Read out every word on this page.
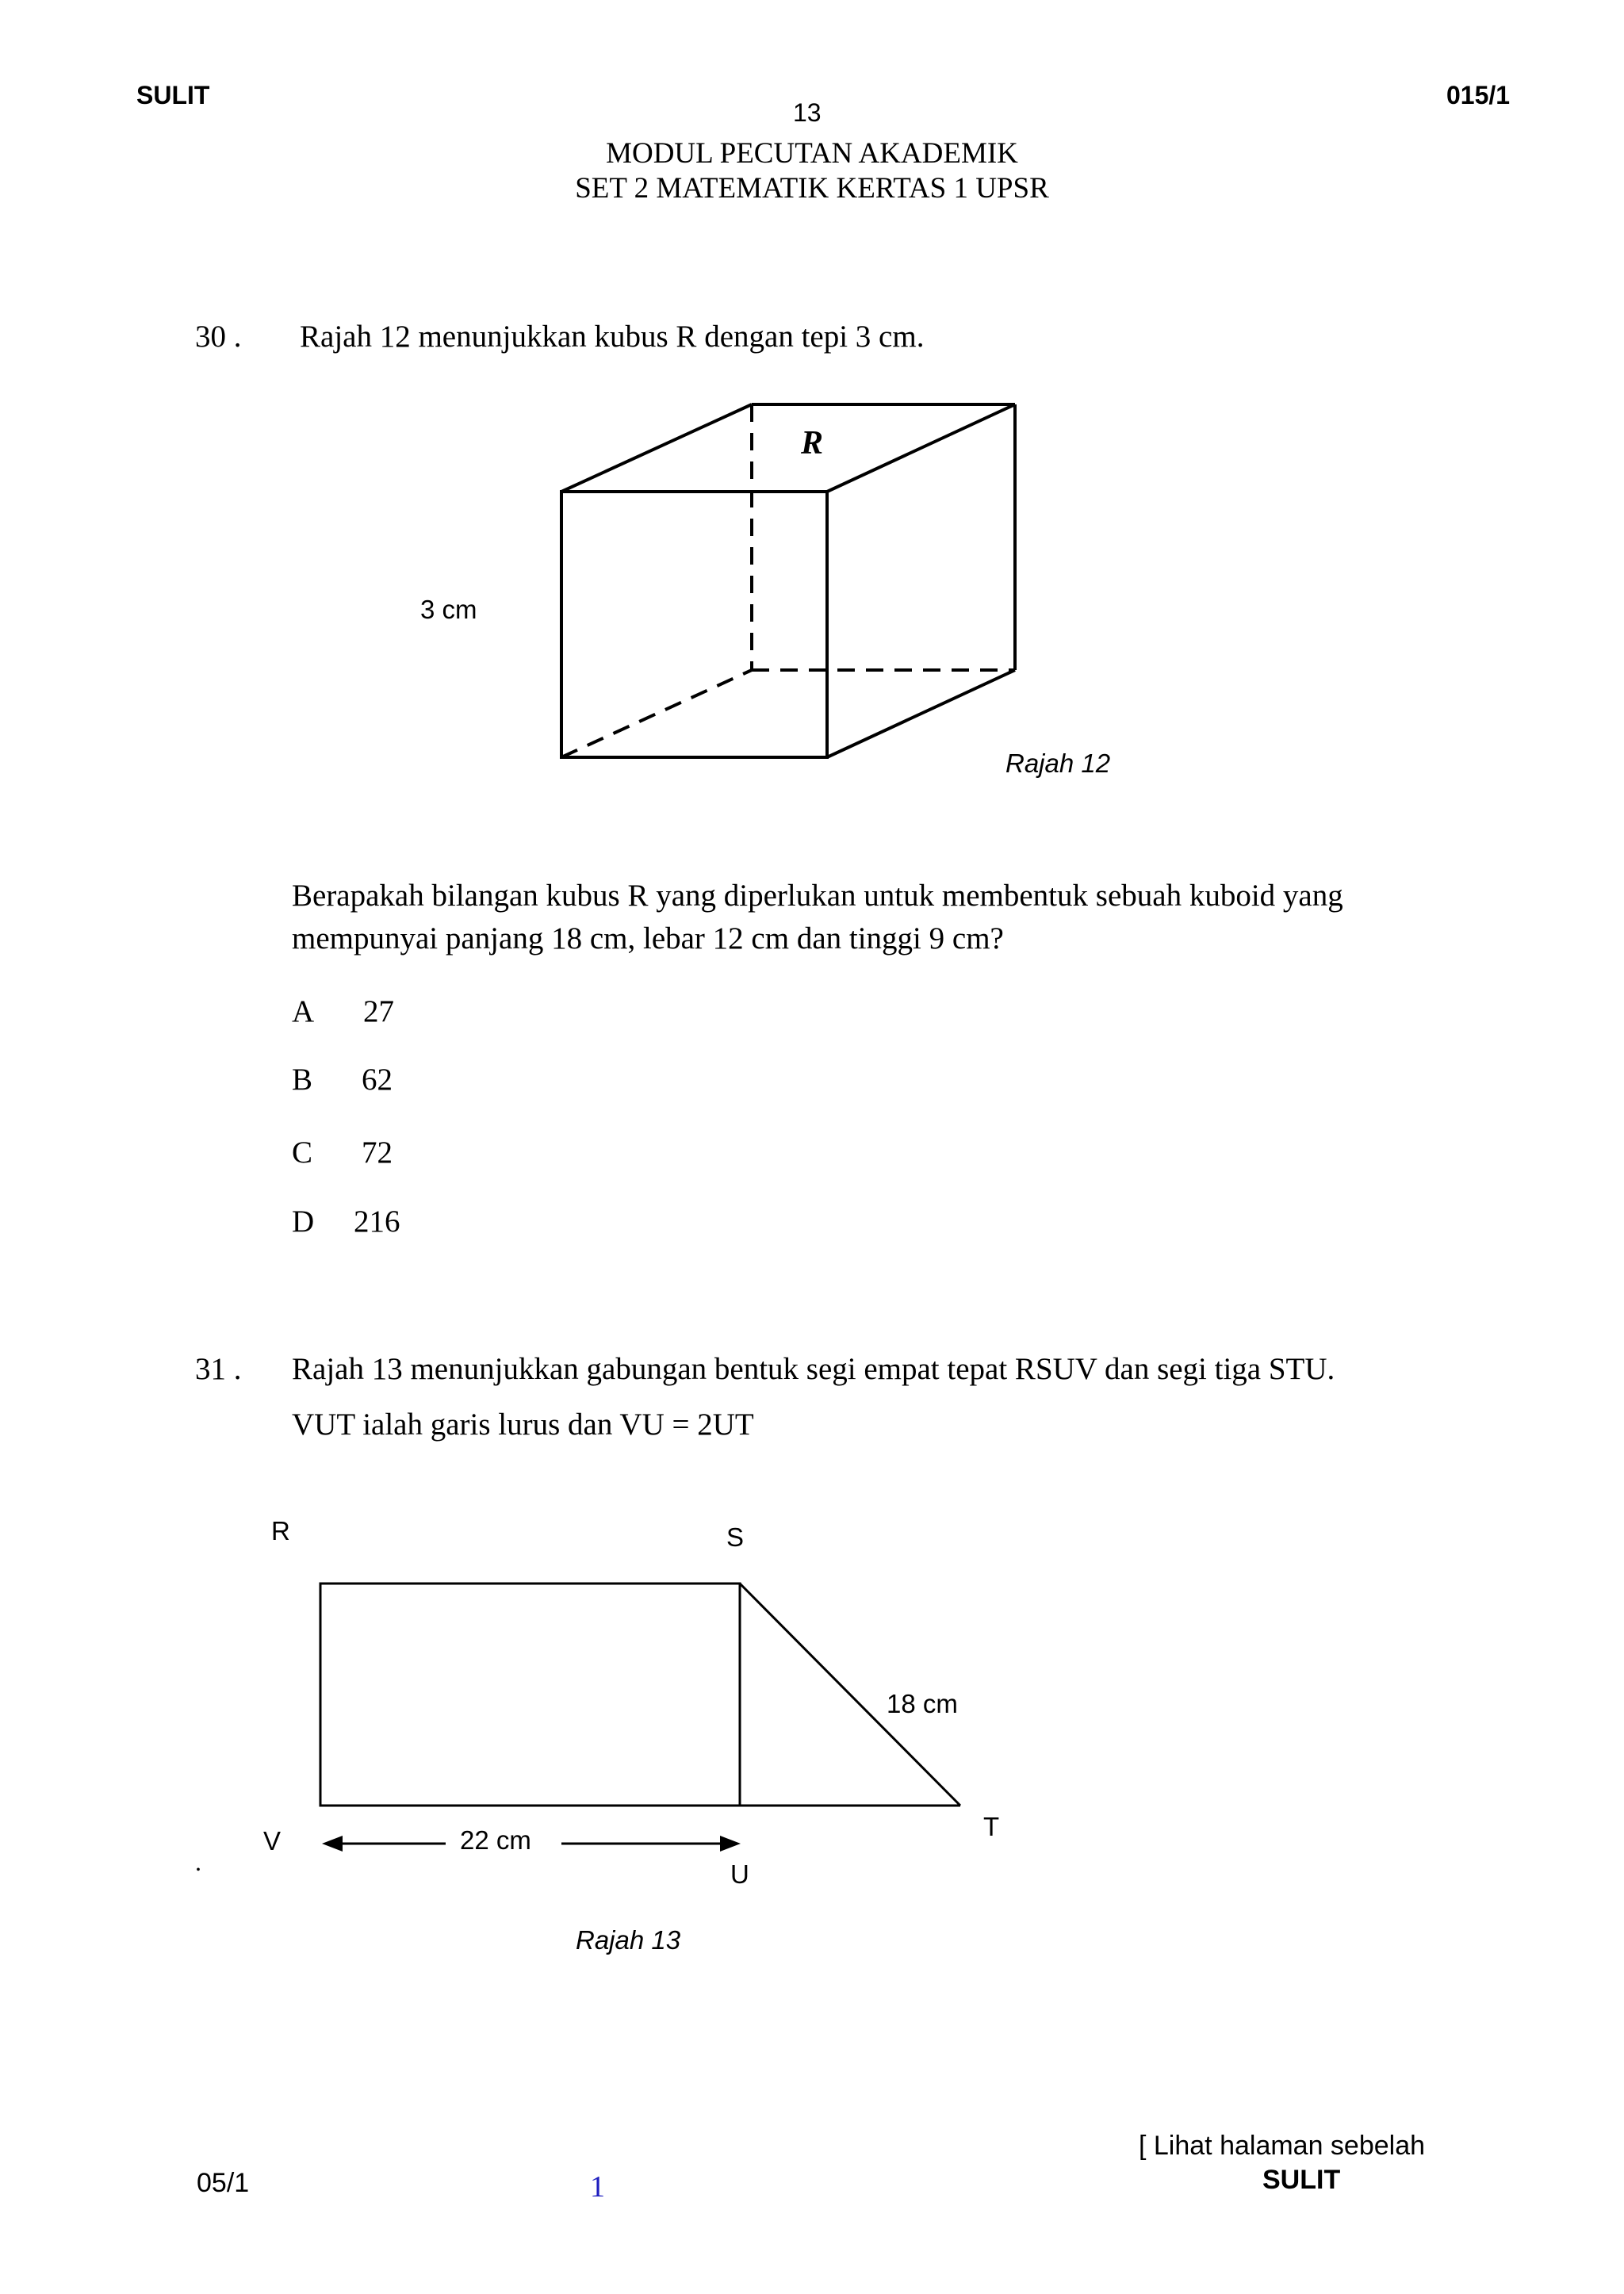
SULIT	015/1
13
MODUL PECUTAN AKADEMIK
SET 2 MATEMATIK KERTAS 1 UPSR
30 . Rajah 12 menunjukkan kubus R dengan tepi 3 cm.
R
3 cm
Rajah 12
Berapakah bilangan kubus R yang diperlukan untuk membentuk sebuah kuboid yang
mempunyai panjang 18 cm, lebar 12 cm dan tinggi 9 cm?
A 27
B 62
C 72
D 216
31 . Rajah 13 menunjukkan gabungan bentuk segi empat tepat RSUV dan segi tiga STU.
VUT ialah garis lurus dan VU = 2UT
R	S
T
U
V
18 cm
22 cm
.
Rajah 13
[ Lihat halaman sebelah
05/1	1	SULIT
